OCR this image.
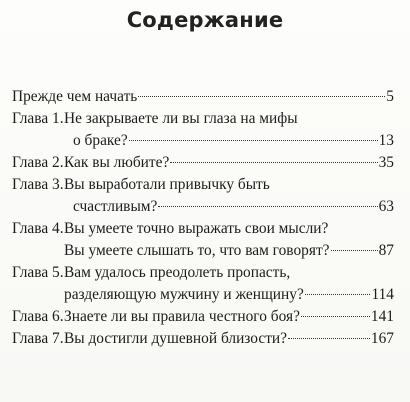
Содержание
Прежде чем начать	5
Глава 1. Не закрываете ли вы глаза на мифы
о браке?	13
Глава 2. Как вы любите?	35
Глава 3. Вы выработали привычку быть
счастливым?	63
Глава 4. Вы умеете точно выражать свои мысли?
Вы умеете слышать то, что вам говорят?	87
Глава 5. Вам удалось преодолеть пропасть,
разделяющую мужчину и женщину?	114
Глава 6. Знаете ли вы правила честного боя?	141
Глава 7. Вы достигли душевной близости?	167
